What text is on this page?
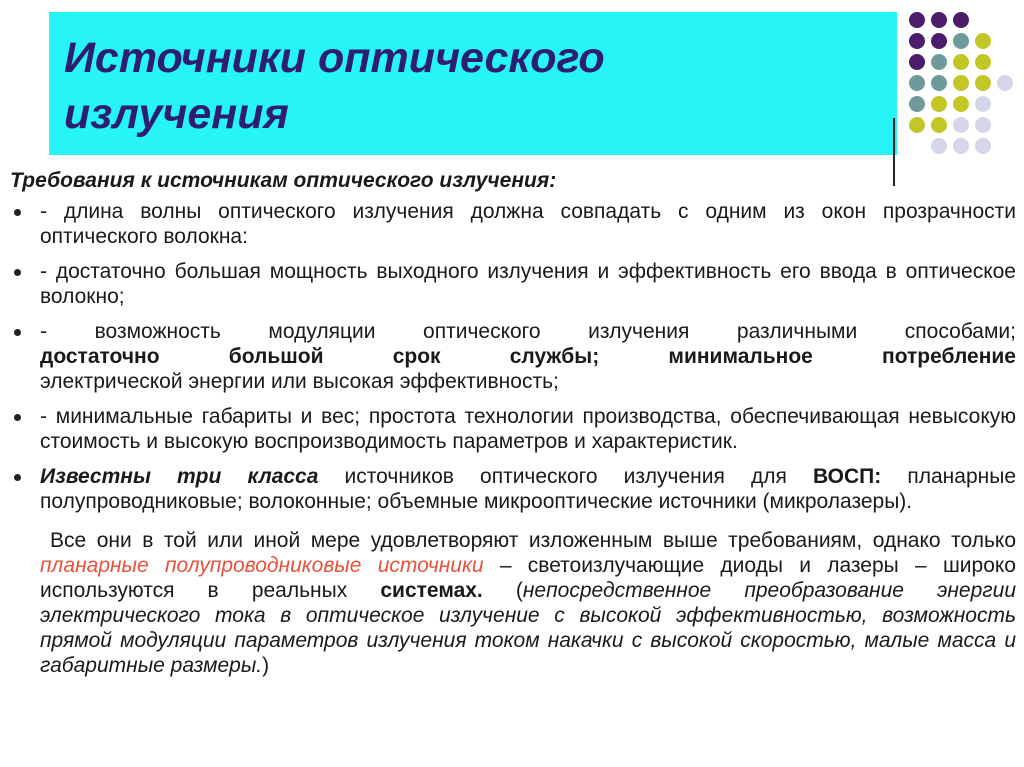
Источники оптического
излучения

Требования к источникам оптического излучения:

- длина волны оптического излучения должна совпадать с одним из окон прозрачности оптического волокна:
- достаточно большая мощность выходного излучения и эффективность его ввода в оптическое волокно;
- возможность модуляции оптического излучения различными способами;
достаточно большой срок службы; минимальное потребление
электрической энергии или высокая эффективность;
- минимальные габариты и вес; простота технологии производства, обеспечивающая невысокую стоимость и высокую воспроизводимость параметров и характеристик.
Известны три класса источников оптического излучения для ВОСП: планарные полупроводниковые; волоконные; объемные микрооптические источники (микролазеры).

Все они в той или иной мере удовлетворяют изложенным выше требованиям, однако только планарные полупроводниковые источники – светоизлучающие диоды и лазеры – широко используются в реальных системах. (непосредственное преобразование энергии электрического тока в оптическое излучение с высокой эффективностью, возможность прямой модуляции параметров излучения током накачки с высокой скоростью, малые масса и габаритные размеры.)
